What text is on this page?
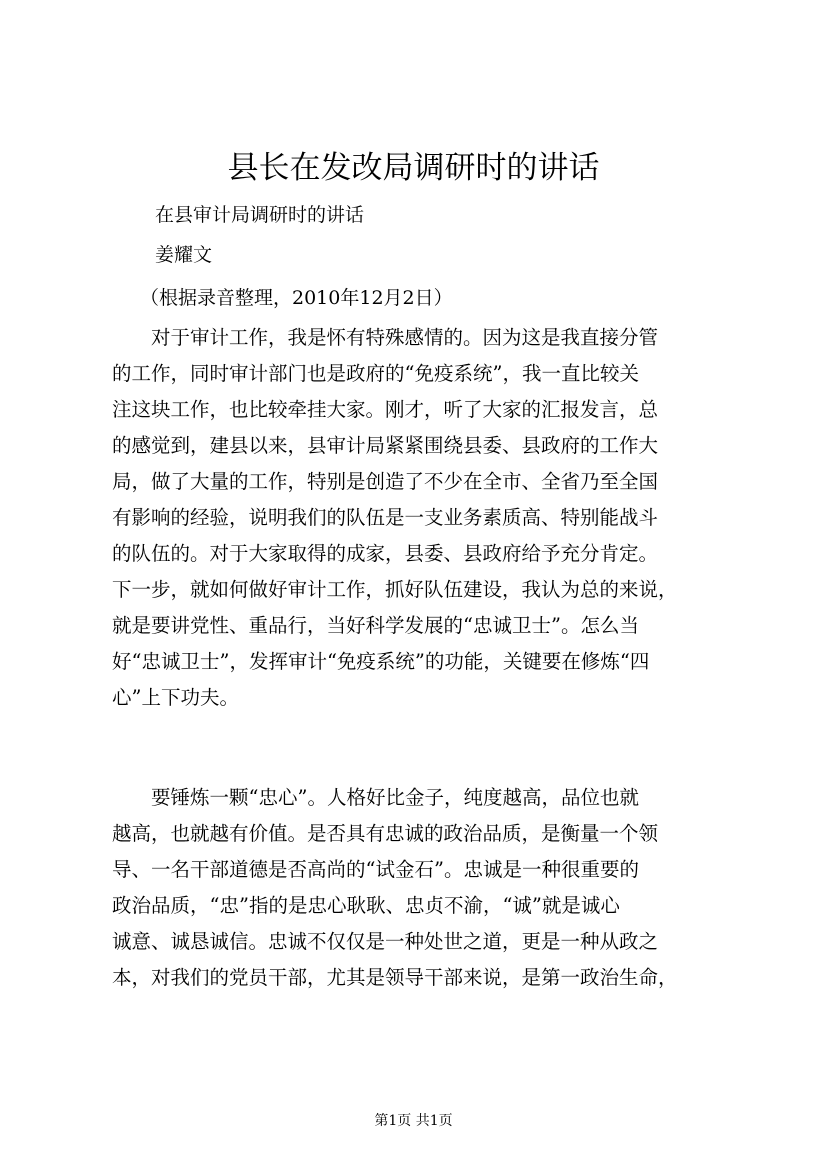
县长在发改局调研时的讲话
在县审计局调研时的讲话
姜耀文
（根据录音整理，2010年12月2日）
　　对于审计工作，我是怀有特殊感情的。因为这是我直接分管
的工作，同时审计部门也是政府的“免疫系统”，我一直比较关
注这块工作，也比较牵挂大家。刚才，听了大家的汇报发言，总
的感觉到，建县以来，县审计局紧紧围绕县委、县政府的工作大
局，做了大量的工作，特别是创造了不少在全市、全省乃至全国
有影响的经验，说明我们的队伍是一支业务素质高、特别能战斗
的队伍的。对于大家取得的成家，县委、县政府给予充分肯定。
下一步，就如何做好审计工作，抓好队伍建设，我认为总的来说，
就是要讲党性、重品行，当好科学发展的“忠诚卫士”。怎么当
好“忠诚卫士”，发挥审计“免疫系统”的功能，关键要在修炼“四
心”上下功夫。
　　要锤炼一颗“忠心”。人格好比金子，纯度越高，品位也就
越高，也就越有价值。是否具有忠诚的政治品质，是衡量一个领
导、一名干部道德是否高尚的“试金石”。忠诚是一种很重要的
政治品质，“忠”指的是忠心耿耿、忠贞不渝，“诚”就是诚心
诚意、诚恳诚信。忠诚不仅仅是一种处世之道，更是一种从政之
本，对我们的党员干部，尤其是领导干部来说，是第一政治生命，
第1页 共1页
